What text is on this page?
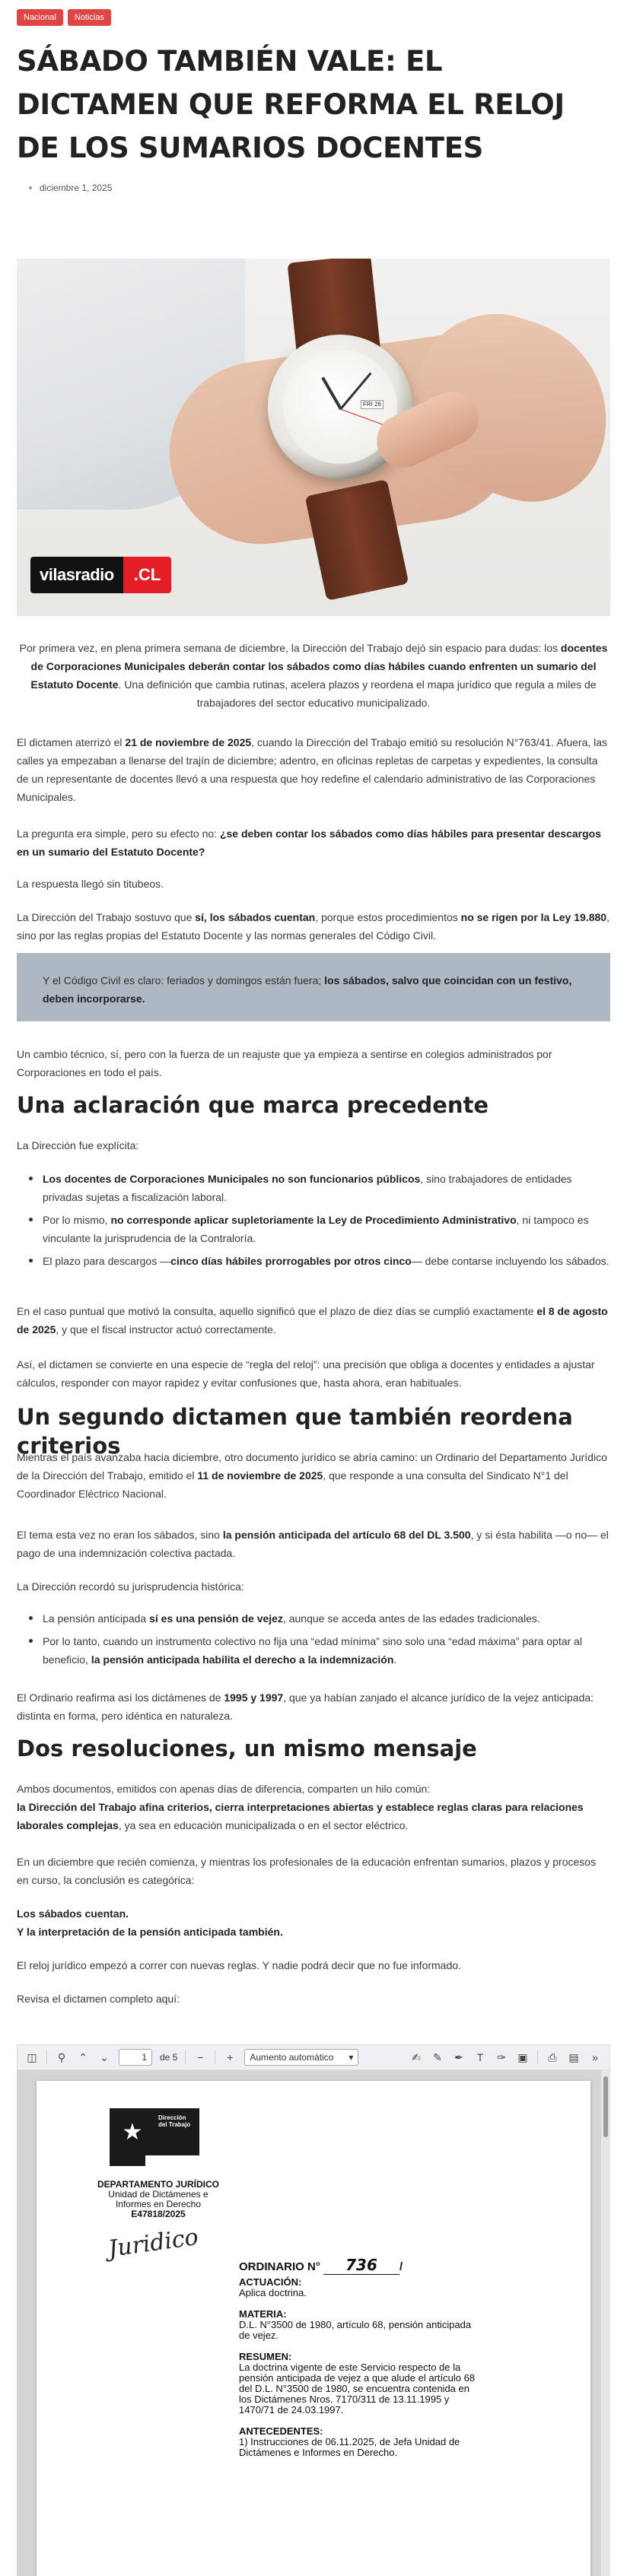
Nacional	Noticias
SÁBADO TAMBIÉN VALE: EL DICTAMEN QUE REFORMA EL RELOJ DE LOS SUMARIOS DOCENTES
diciembre 1, 2025
FRI 26
vilasradio	.CL

Por primera vez, en plena primera semana de diciembre, la Dirección del Trabajo dejó sin espacio para dudas: los docentes de Corporaciones Municipales deberán contar los sábados como días hábiles cuando enfrenten un sumario del Estatuto Docente. Una definición que cambia rutinas, acelera plazos y reordena el mapa jurídico que regula a miles de trabajadores del sector educativo municipalizado.

El dictamen aterrizó el 21 de noviembre de 2025, cuando la Dirección del Trabajo emitió su resolución N°763/41. Afuera, las calles ya empezaban a llenarse del trajín de diciembre; adentro, en oficinas repletas de carpetas y expedientes, la consulta de un representante de docentes llevó a una respuesta que hoy redefine el calendario administrativo de las Corporaciones Municipales.

La pregunta era simple, pero su efecto no: ¿se deben contar los sábados como días hábiles para presentar descargos en un sumario del Estatuto Docente?

La respuesta llegó sin titubeos.

La Dirección del Trabajo sostuvo que sí, los sábados cuentan, porque estos procedimientos no se rigen por la Ley 19.880, sino por las reglas propias del Estatuto Docente y las normas generales del Código Civil.

Y el Código Civil es claro: feriados y domingos están fuera; los sábados, salvo que coincidan con un festivo, deben incorporarse.

Un cambio técnico, sí, pero con la fuerza de un reajuste que ya empieza a sentirse en colegios administrados por Corporaciones en todo el país.

Una aclaración que marca precedente

La Dirección fue explícita:

Los docentes de Corporaciones Municipales no son funcionarios públicos, sino trabajadores de entidades privadas sujetas a fiscalización laboral.
Por lo mismo, no corresponde aplicar supletoriamente la Ley de Procedimiento Administrativo, ni tampoco es vinculante la jurisprudencia de la Contraloría.
El plazo para descargos —cinco días hábiles prorrogables por otros cinco— debe contarse incluyendo los sábados.

En el caso puntual que motivó la consulta, aquello significó que el plazo de diez días se cumplió exactamente el 8 de agosto de 2025, y que el fiscal instructor actuó correctamente.

Así, el dictamen se convierte en una especie de “regla del reloj”: una precisión que obliga a docentes y entidades a ajustar cálculos, responder con mayor rapidez y evitar confusiones que, hasta ahora, eran habituales.

Un segundo dictamen que también reordena criterios

Mientras el país avanzaba hacia diciembre, otro documento jurídico se abría camino: un Ordinario del Departamento Jurídico de la Dirección del Trabajo, emitido el 11 de noviembre de 2025, que responde a una consulta del Sindicato N°1 del Coordinador Eléctrico Nacional.

El tema esta vez no eran los sábados, sino la pensión anticipada del artículo 68 del DL 3.500, y si ésta habilita —o no— el pago de una indemnización colectiva pactada.

La Dirección recordó su jurisprudencia histórica:

La pensión anticipada sí es una pensión de vejez, aunque se acceda antes de las edades tradicionales.
Por lo tanto, cuando un instrumento colectivo no fija una “edad mínima” sino solo una “edad máxima” para optar al beneficio, la pensión anticipada habilita el derecho a la indemnización.

El Ordinario reafirma así los dictámenes de 1995 y 1997, que ya habían zanjado el alcance jurídico de la vejez anticipada: distinta en forma, pero idéntica en naturaleza.

Dos resoluciones, un mismo mensaje

Ambos documentos, emitidos con apenas días de diferencia, comparten un hilo común:
la Dirección del Trabajo afina criterios, cierra interpretaciones abiertas y establece reglas claras para relaciones laborales complejas, ya sea en educación municipalizada o en el sector eléctrico.

En un diciembre que recién comienza, y mientras los profesionales de la educación enfrentan sumarios, plazos y procesos en curso, la conclusión es categórica:

Los sábados cuentan.
Y la interpretación de la pensión anticipada también.

El reloj jurídico empezó a correr con nuevas reglas. Y nadie podrá decir que no fue informado.

Revisa el dictamen completo aquí:

◫ ⚲ ⌃ ⌄	1	de 5	−	+	Aumento automático ▾	✍ ✎ ✒	T	✑ ▣ ⎙ ▤	»
★
Dirección del Trabajo
DEPARTAMENTO JURÍDICO
Unidad de Dictámenes e
Informes en Derecho
E47818/2025
Juridico
ORDINARIO N° 736 /
ACTUACIÓN:
Aplica doctrina.
MATERIA:
D.L. N°3500 de 1980, artículo 68, pensión anticipada
de vejez.
RESUMEN:
La doctrina vigente de este Servicio respecto de la
pensión anticipada de vejez a que alude el artículo 68
del D.L. N°3500 de 1980, se encuentra contenida en
los Dictámenes Nros. 7170/311 de 13.11.1995 y
1470/71 de 24.03.1997.
ANTECEDENTES:
1) Instrucciones de 06.11.2025, de Jefa Unidad de
Dictámenes e Informes en Derecho.
